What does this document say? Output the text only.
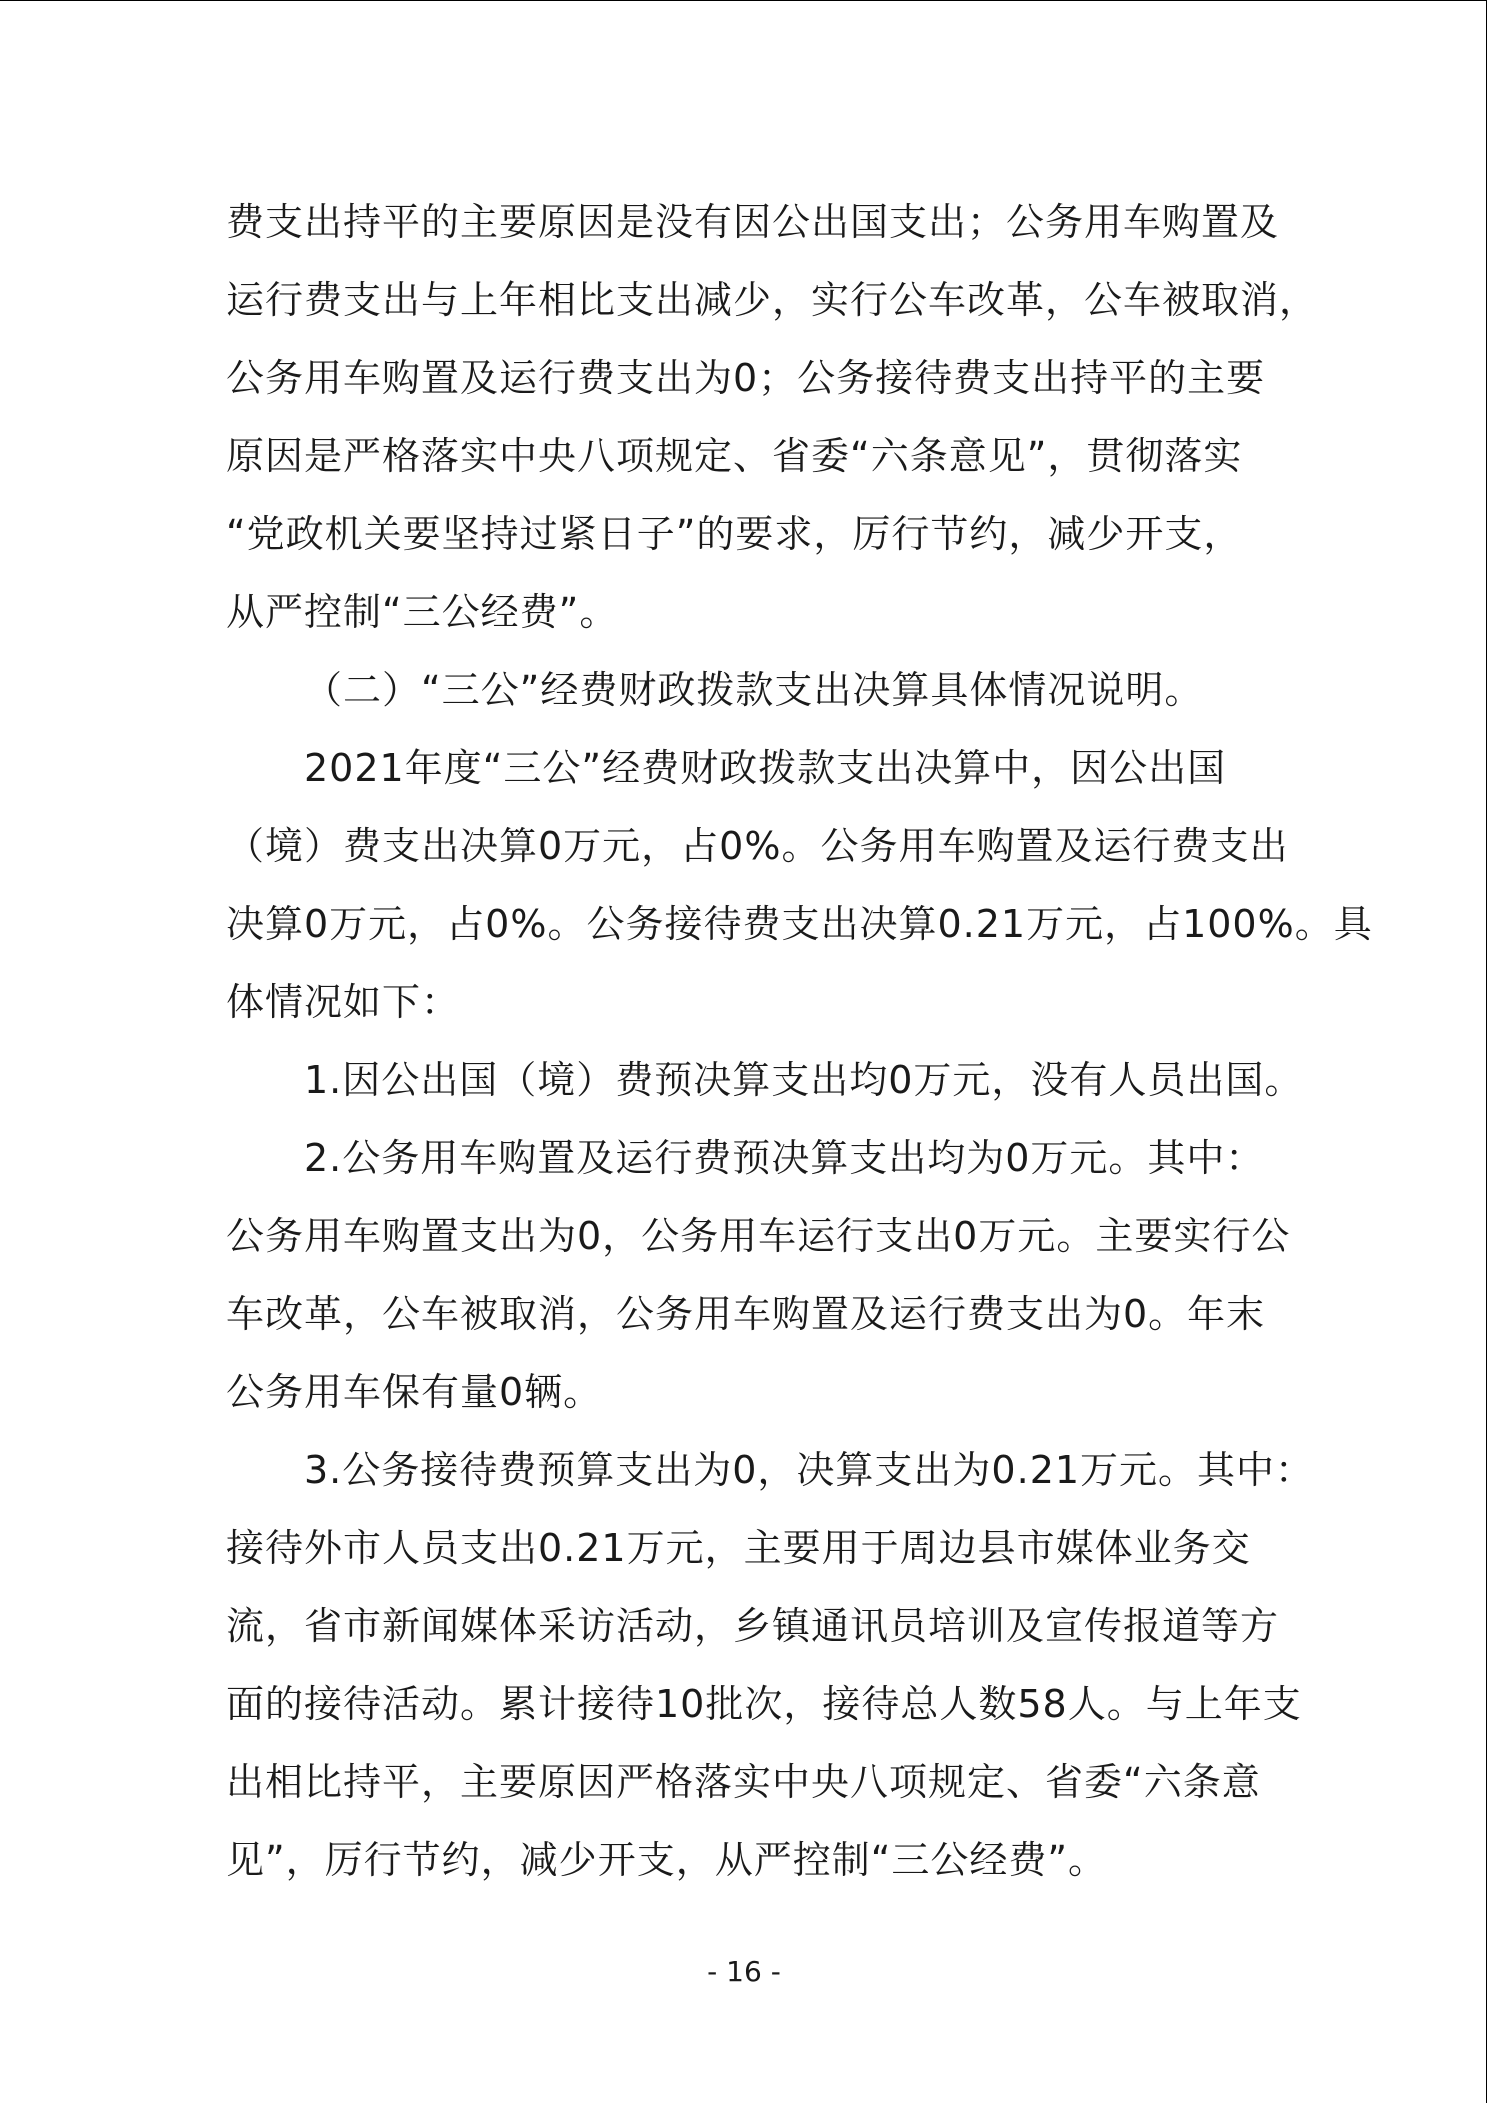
费支出持平的主要原因是没有因公出国支出；公务用车购置及
运行费支出与上年相比支出减少，实行公车改革，公车被取消，
公务用车购置及运行费支出为0；公务接待费支出持平的主要
原因是严格落实中央八项规定、省委“六条意见”，贯彻落实
“党政机关要坚持过紧日子”的要求，厉行节约，减少开支，
从严控制“三公经费”。
（二）“三公”经费财政拨款支出决算具体情况说明。
2021年度“三公”经费财政拨款支出决算中，因公出国
（境）费支出决算0万元，占0%。公务用车购置及运行费支出
决算0万元，占0%。公务接待费支出决算0.21万元，占100%。具
体情况如下：
1.因公出国（境）费预决算支出均0万元，没有人员出国。
2.公务用车购置及运行费预决算支出均为0万元。其中：
公务用车购置支出为0，公务用车运行支出0万元。主要实行公
车改革，公车被取消，公务用车购置及运行费支出为0。年末
公务用车保有量0辆。
3.公务接待费预算支出为0，决算支出为0.21万元。其中：
接待外市人员支出0.21万元，主要用于周边县市媒体业务交
流，省市新闻媒体采访活动，乡镇通讯员培训及宣传报道等方
面的接待活动。累计接待10批次，接待总人数58人。与上年支
出相比持平，主要原因严格落实中央八项规定、省委“六条意
见”，厉行节约，减少开支，从严控制“三公经费”。
- 16 -
